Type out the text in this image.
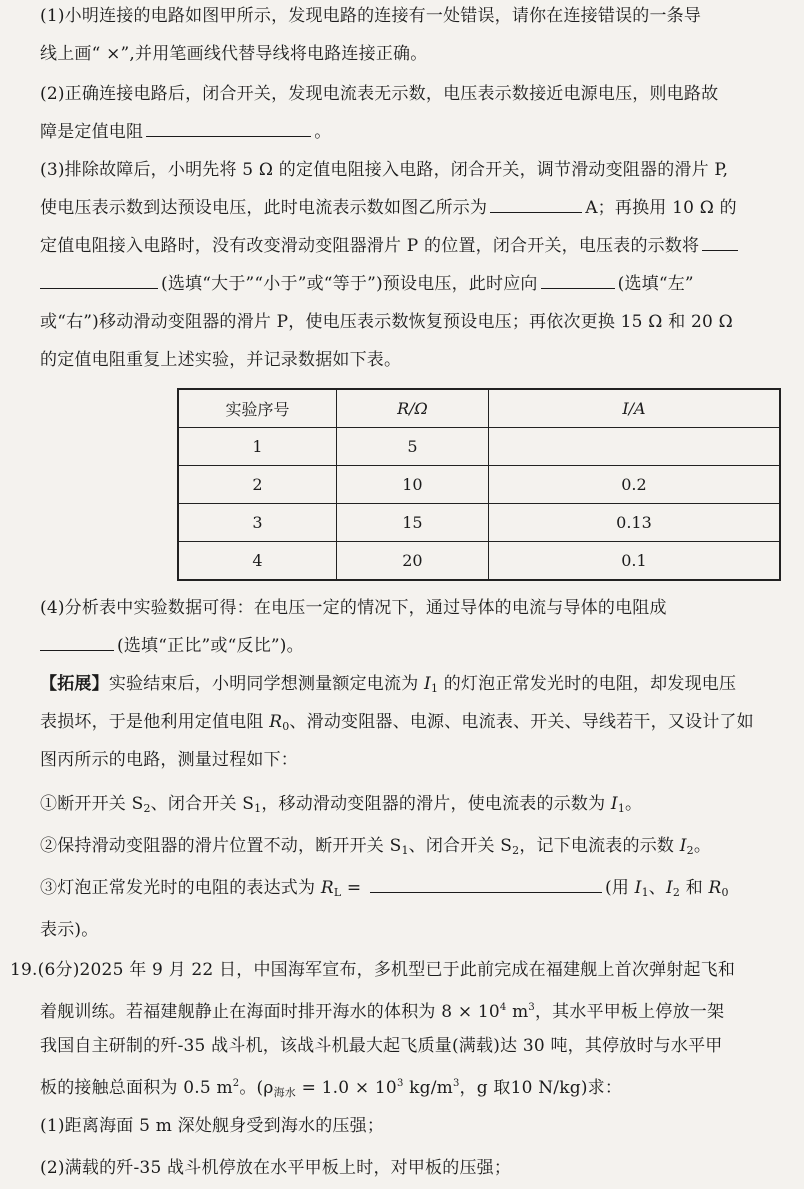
(1)小明连接的电路如图甲所示，发现电路的连接有一处错误，请你在连接错误的一条导
线上画“ ×”,并用笔画线代替导线将电路连接正确。
(2)正确连接电路后，闭合开关，发现电流表无示数，电压表示数接近电源电压，则电路故
障是定值电阻	。
(3)排除故障后，小明先将 5 Ω 的定值电阻接入电路，闭合开关，调节滑动变阻器的滑片 P,
使电压表示数到达预设电压，此时电流表示数如图乙所示为	A；再换用 10 Ω 的
定值电阻接入电路时，没有改变滑动变阻器滑片 P 的位置，闭合开关，电压表的示数将
(选填“大于”“小于”或“等于”)预设电压，此时应向	(选填“左”
或“右”)移动滑动变阻器的滑片 P，使电压表示数恢复预设电压；再依次更换 15 Ω 和 20 Ω
的定值电阻重复上述实验，并记录数据如下表。
实验序号	R/Ω	I/A
1	5	
2	10	0.2
3	15	0.13
4	20	0.1
(4)分析表中实验数据可得：在电压一定的情况下，通过导体的电流与导体的电阻成
(选填“正比”或“反比”)。
【拓展】实验结束后，小明同学想测量额定电流为 $I_1$ 的灯泡正常发光时的电阻，却发现电压
表损坏，于是他利用定值电阻 $R_0$、滑动变阻器、电源、电流表、开关、导线若干，又设计了如
图丙所示的电路，测量过程如下：
①断开开关 $S_2$、闭合开关 $S_1$，移动滑动变阻器的滑片，使电流表的示数为 $I_1$。
②保持滑动变阻器的滑片位置不动，断开开关 $S_1$、闭合开关 $S_2$，记下电流表的示数 $I_2$。
③灯泡正常发光时的电阻的表达式为 $R_L$ =	(用 $I_1$、$I_2$ 和 $R_0$
表示)。
19.(6分)2025 年 9 月 22 日，中国海军宣布，多机型已于此前完成在福建舰上首次弹射起飞和
着舰训练。若福建舰静止在海面时排开海水的体积为 $8 \times 10^4$ $m^3$，其水平甲板上停放一架
我国自主研制的歼-35 战斗机，该战斗机最大起飞质量(满载)达 30 吨，其停放时与水平甲
板的接触总面积为 0.5 $m^2$。($\rho_{海水} = 1.0 \times 10^3$ $kg/m^3$，g 取10 N/kg)求：
(1)距离海面 5 m 深处舰身受到海水的压强；
(2)满载的歼-35 战斗机停放在水平甲板上时，对甲板的压强；
